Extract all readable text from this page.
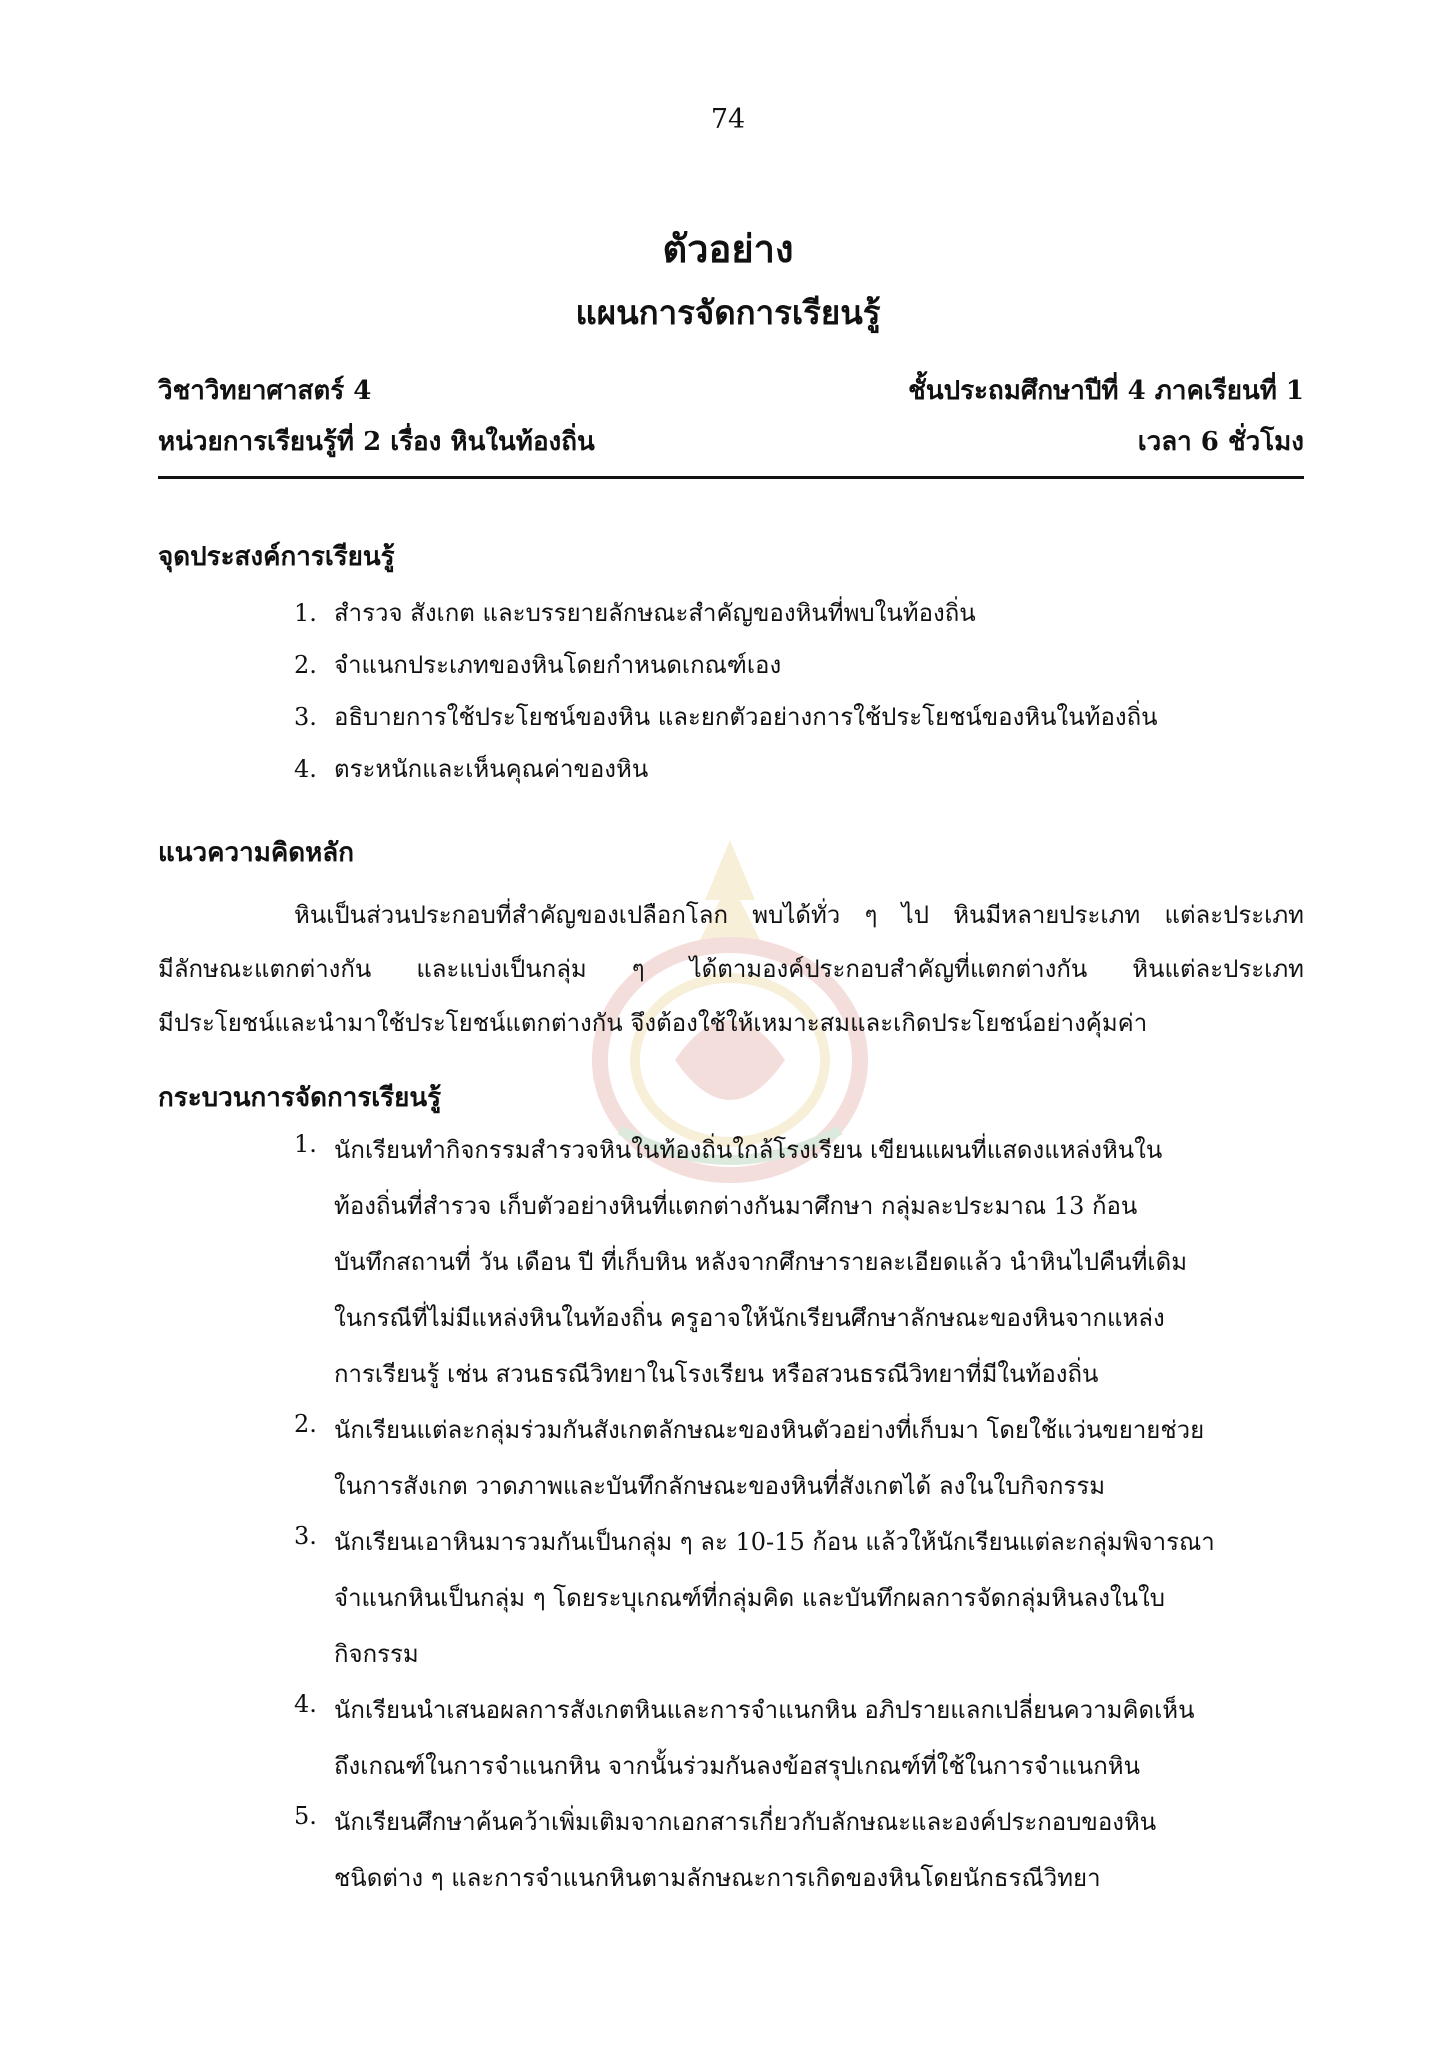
74
ตัวอย่าง
แผนการจัดการเรียนรู้
วิชาวิทยาศาสตร์ 4	ชั้นประถมศึกษาปีที่ 4 ภาคเรียนที่ 1
หน่วยการเรียนรู้ที่ 2 เรื่อง หินในท้องถิ่น	เวลา 6 ชั่วโมง
จุดประสงค์การเรียนรู้
1. สำรวจ สังเกต และบรรยายลักษณะสำคัญของหินที่พบในท้องถิ่น
2. จำแนกประเภทของหินโดยกำหนดเกณฑ์เอง
3. อธิบายการใช้ประโยชน์ของหิน และยกตัวอย่างการใช้ประโยชน์ของหินในท้องถิ่น
4. ตระหนักและเห็นคุณค่าของหิน
แนวความคิดหลัก
หินเป็นส่วนประกอบที่สำคัญของเปลือกโลก พบได้ทั่ว ๆ ไป หินมีหลายประเภท แต่ละประเภท
มีลักษณะแตกต่างกัน และแบ่งเป็นกลุ่ม ๆ ได้ตามองค์ประกอบสำคัญที่แตกต่างกัน หินแต่ละประเภท
มีประโยชน์และนำมาใช้ประโยชน์แตกต่างกัน จึงต้องใช้ให้เหมาะสมและเกิดประโยชน์อย่างคุ้มค่า
กระบวนการจัดการเรียนรู้
1. นักเรียนทำกิจกรรมสำรวจหินในท้องถิ่นใกล้โรงเรียน เขียนแผนที่แสดงแหล่งหินใน
ท้องถิ่นที่สำรวจ เก็บตัวอย่างหินที่แตกต่างกันมาศึกษา กลุ่มละประมาณ 13 ก้อน
บันทึกสถานที่ วัน เดือน ปี ที่เก็บหิน หลังจากศึกษารายละเอียดแล้ว นำหินไปคืนที่เดิม
ในกรณีที่ไม่มีแหล่งหินในท้องถิ่น ครูอาจให้นักเรียนศึกษาลักษณะของหินจากแหล่ง
การเรียนรู้ เช่น สวนธรณีวิทยาในโรงเรียน หรือสวนธรณีวิทยาที่มีในท้องถิ่น
2. นักเรียนแต่ละกลุ่มร่วมกันสังเกตลักษณะของหินตัวอย่างที่เก็บมา โดยใช้แว่นขยายช่วย
ในการสังเกต วาดภาพและบันทึกลักษณะของหินที่สังเกตได้ ลงในใบกิจกรรม
3. นักเรียนเอาหินมารวมกันเป็นกลุ่ม ๆ ละ 10-15 ก้อน แล้วให้นักเรียนแต่ละกลุ่มพิจารณา
จำแนกหินเป็นกลุ่ม ๆ โดยระบุเกณฑ์ที่กลุ่มคิด และบันทึกผลการจัดกลุ่มหินลงในใบ
กิจกรรม
4. นักเรียนนำเสนอผลการสังเกตหินและการจำแนกหิน อภิปรายแลกเปลี่ยนความคิดเห็น
ถึงเกณฑ์ในการจำแนกหิน จากนั้นร่วมกันลงข้อสรุปเกณฑ์ที่ใช้ในการจำแนกหิน
5. นักเรียนศึกษาค้นคว้าเพิ่มเติมจากเอกสารเกี่ยวกับลักษณะและองค์ประกอบของหิน
ชนิดต่าง ๆ และการจำแนกหินตามลักษณะการเกิดของหินโดยนักธรณีวิทยา
